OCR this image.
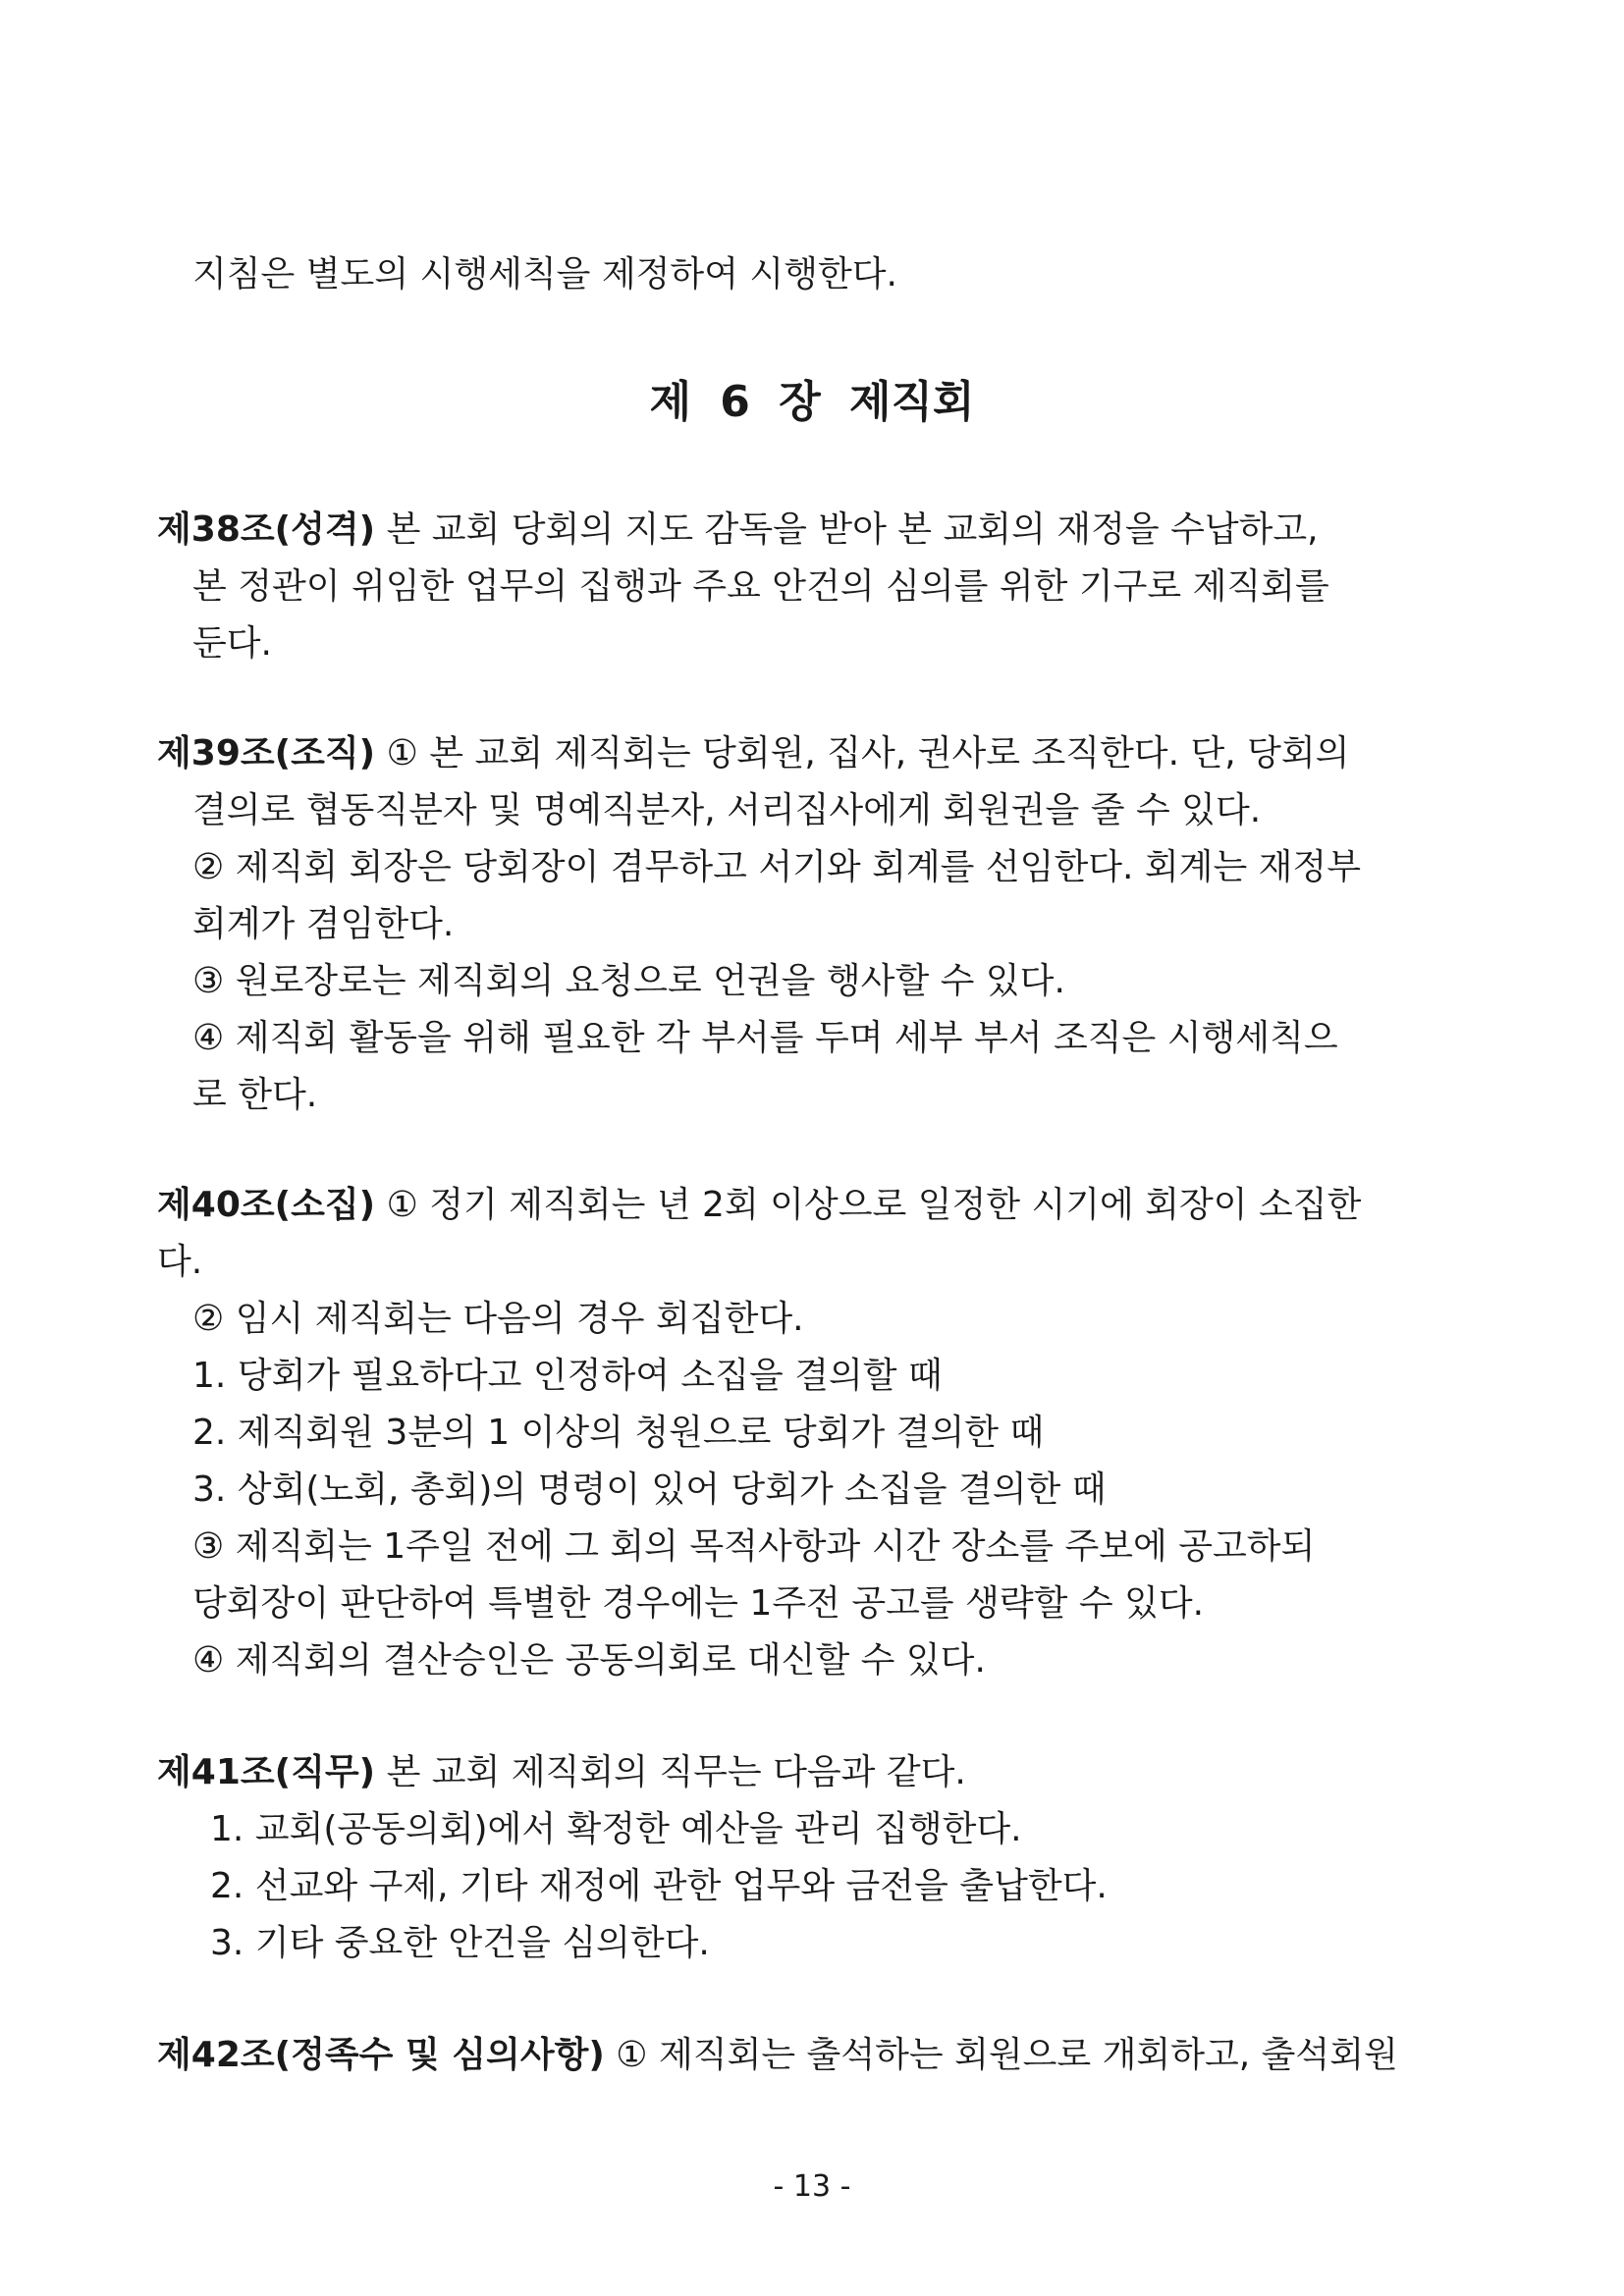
지침은 별도의 시행세칙을 제정하여 시행한다.
제 6 장 제직회
제38조(성격) 본 교회 당회의 지도 감독을 받아 본 교회의 재정을 수납하고,
본 정관이 위임한 업무의 집행과 주요 안건의 심의를 위한 기구로 제직회를
둔다.
제39조(조직) ① 본 교회 제직회는 당회원, 집사, 권사로 조직한다. 단, 당회의
결의로 협동직분자 및 명예직분자, 서리집사에게 회원권을 줄 수 있다.
② 제직회 회장은 당회장이 겸무하고 서기와 회계를 선임한다. 회계는 재정부
회계가 겸임한다.
③ 원로장로는 제직회의 요청으로 언권을 행사할 수 있다.
④ 제직회 활동을 위해 필요한 각 부서를 두며 세부 부서 조직은 시행세칙으
로 한다.
제40조(소집) ① 정기 제직회는 년 2회 이상으로 일정한 시기에 회장이 소집한
다.
② 임시 제직회는 다음의 경우 회집한다.
1. 당회가 필요하다고 인정하여 소집을 결의할 때
2. 제직회원 3분의 1 이상의 청원으로 당회가 결의한 때
3. 상회(노회, 총회)의 명령이 있어 당회가 소집을 결의한 때
③ 제직회는 1주일 전에 그 회의 목적사항과 시간 장소를 주보에 공고하되
당회장이 판단하여 특별한 경우에는 1주전 공고를 생략할 수 있다.
④ 제직회의 결산승인은 공동의회로 대신할 수 있다.
제41조(직무) 본 교회 제직회의 직무는 다음과 같다.
1. 교회(공동의회)에서 확정한 예산을 관리 집행한다.
2. 선교와 구제, 기타 재정에 관한 업무와 금전을 출납한다.
3. 기타 중요한 안건을 심의한다.
제42조(정족수 및 심의사항) ① 제직회는 출석하는 회원으로 개회하고, 출석회원
- 13 -
